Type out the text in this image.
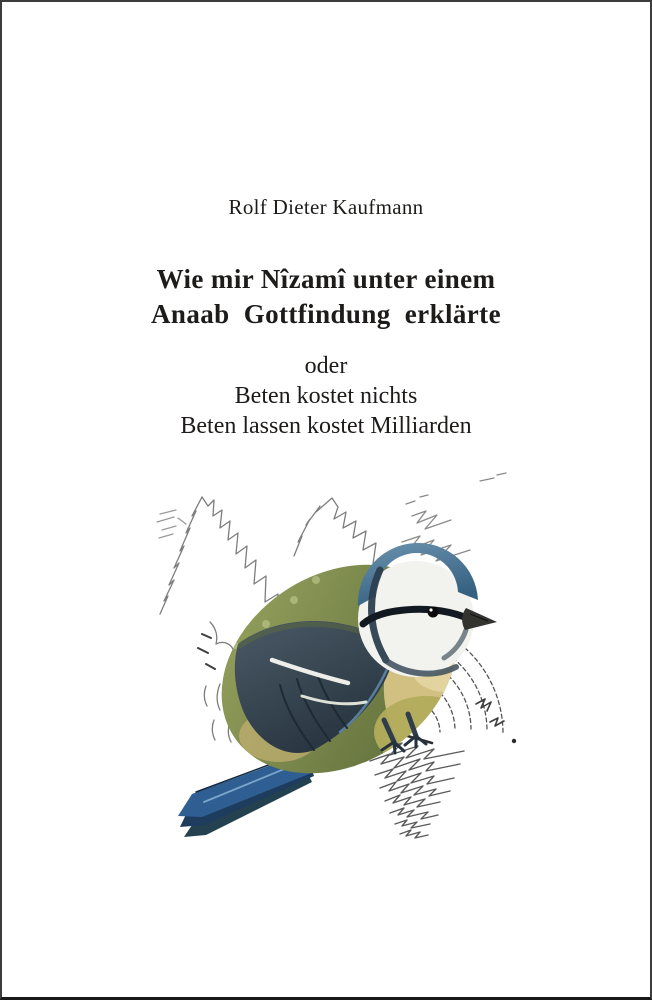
Rolf Dieter Kaufmann
Wie mir Nîzamî unter einem
Anaab Gottfindung erklärte
oder
Beten kostet nichts
Beten lassen kostet Milliarden
